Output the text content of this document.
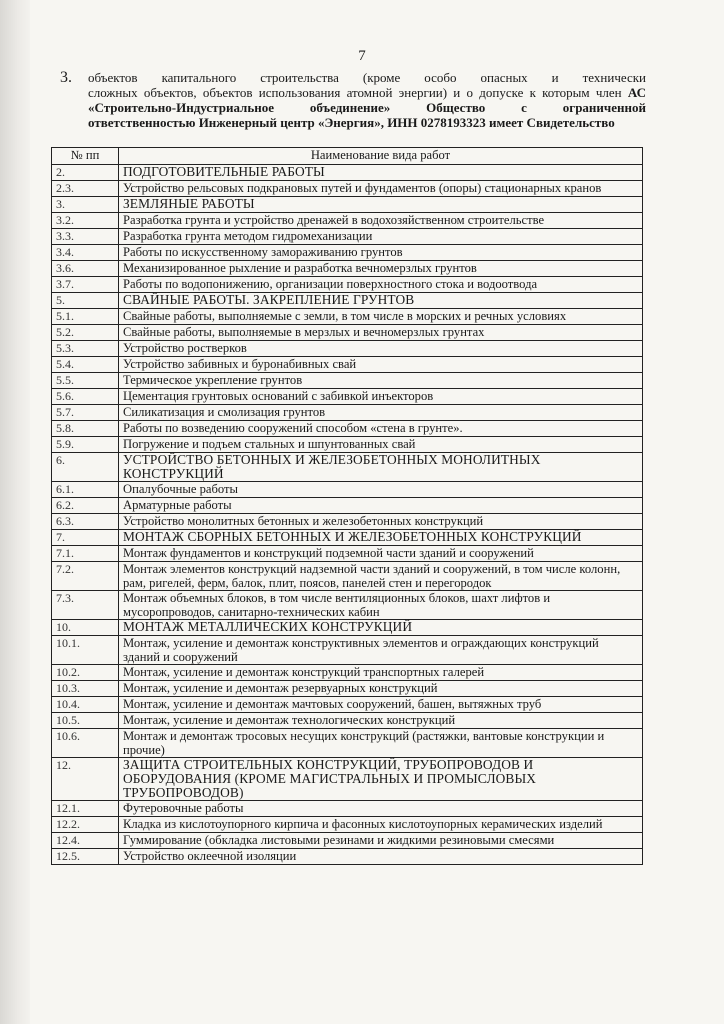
7
3. объектов капитального строительства (кроме особо опасных и технически
сложных объектов, объектов использования атомной энергии) и о допуске к которым член АС
«Строительно-Индустриальное объединение» Общество с ограниченной
ответственностью Инженерный центр «Энергия», ИНН 0278193323 имеет Свидетельство
№ пп	Наименование вида работ
2.	ПОДГОТОВИТЕЛЬНЫЕ РАБОТЫ
2.3.	Устройство рельсовых подкрановых путей и фундаментов (опоры) стационарных кранов
3.	ЗЕМЛЯНЫЕ РАБОТЫ
3.2.	Разработка грунта и устройство дренажей в водохозяйственном строительстве
3.3.	Разработка грунта методом гидромеханизации
3.4.	Работы по искусственному замораживанию грунтов
3.6.	Механизированное рыхление и разработка вечномерзлых грунтов
3.7.	Работы по водопонижению, организации поверхностного стока и водоотвода
5.	СВАЙНЫЕ РАБОТЫ. ЗАКРЕПЛЕНИЕ ГРУНТОВ
5.1.	Свайные работы, выполняемые с земли, в том числе в морских и речных условиях
5.2.	Свайные работы, выполняемые в мерзлых и вечномерзлых грунтах
5.3.	Устройство ростверков
5.4.	Устройство забивных и буронабивных свай
5.5.	Термическое укрепление грунтов
5.6.	Цементация грунтовых оснований с забивкой инъекторов
5.7.	Силикатизация и смолизация грунтов
5.8.	Работы по возведению сооружений способом «стена в грунте».
5.9.	Погружение и подъем стальных и шпунтованных свай
6.	УСТРОЙСТВО БЕТОННЫХ И ЖЕЛЕЗОБЕТОННЫХ МОНОЛИТНЫХ КОНСТРУКЦИЙ
6.1.	Опалубочные работы
6.2.	Арматурные работы
6.3.	Устройство монолитных бетонных и железобетонных конструкций
7.	МОНТАЖ СБОРНЫХ БЕТОННЫХ И ЖЕЛЕЗОБЕТОННЫХ КОНСТРУКЦИЙ
7.1.	Монтаж фундаментов и конструкций подземной части зданий и сооружений
7.2.	Монтаж элементов конструкций надземной части зданий и сооружений, в том числе колонн, рам, ригелей, ферм, балок, плит, поясов, панелей стен и перегородок
7.3.	Монтаж объемных блоков, в том числе вентиляционных блоков, шахт лифтов и мусоропроводов, санитарно-технических кабин
10.	МОНТАЖ МЕТАЛЛИЧЕСКИХ КОНСТРУКЦИЙ
10.1.	Монтаж, усиление и демонтаж конструктивных элементов и ограждающих конструкций зданий и сооружений
10.2.	Монтаж, усиление и демонтаж конструкций транспортных галерей
10.3.	Монтаж, усиление и демонтаж резервуарных конструкций
10.4.	Монтаж, усиление и демонтаж мачтовых сооружений, башен, вытяжных труб
10.5.	Монтаж, усиление и демонтаж технологических конструкций
10.6.	Монтаж и демонтаж тросовых несущих конструкций (растяжки, вантовые конструкции и прочие)
12.	ЗАЩИТА СТРОИТЕЛЬНЫХ КОНСТРУКЦИЙ, ТРУБОПРОВОДОВ И ОБОРУДОВАНИЯ (КРОМЕ МАГИСТРАЛЬНЫХ И ПРОМЫСЛОВЫХ ТРУБОПРОВОДОВ)
12.1.	Футеровочные работы
12.2.	Кладка из кислотоупорного кирпича и фасонных кислотоупорных керамических изделий
12.4.	Гуммирование (обкладка листовыми резинами и жидкими резиновыми смесями
12.5.	Устройство оклеечной изоляции
